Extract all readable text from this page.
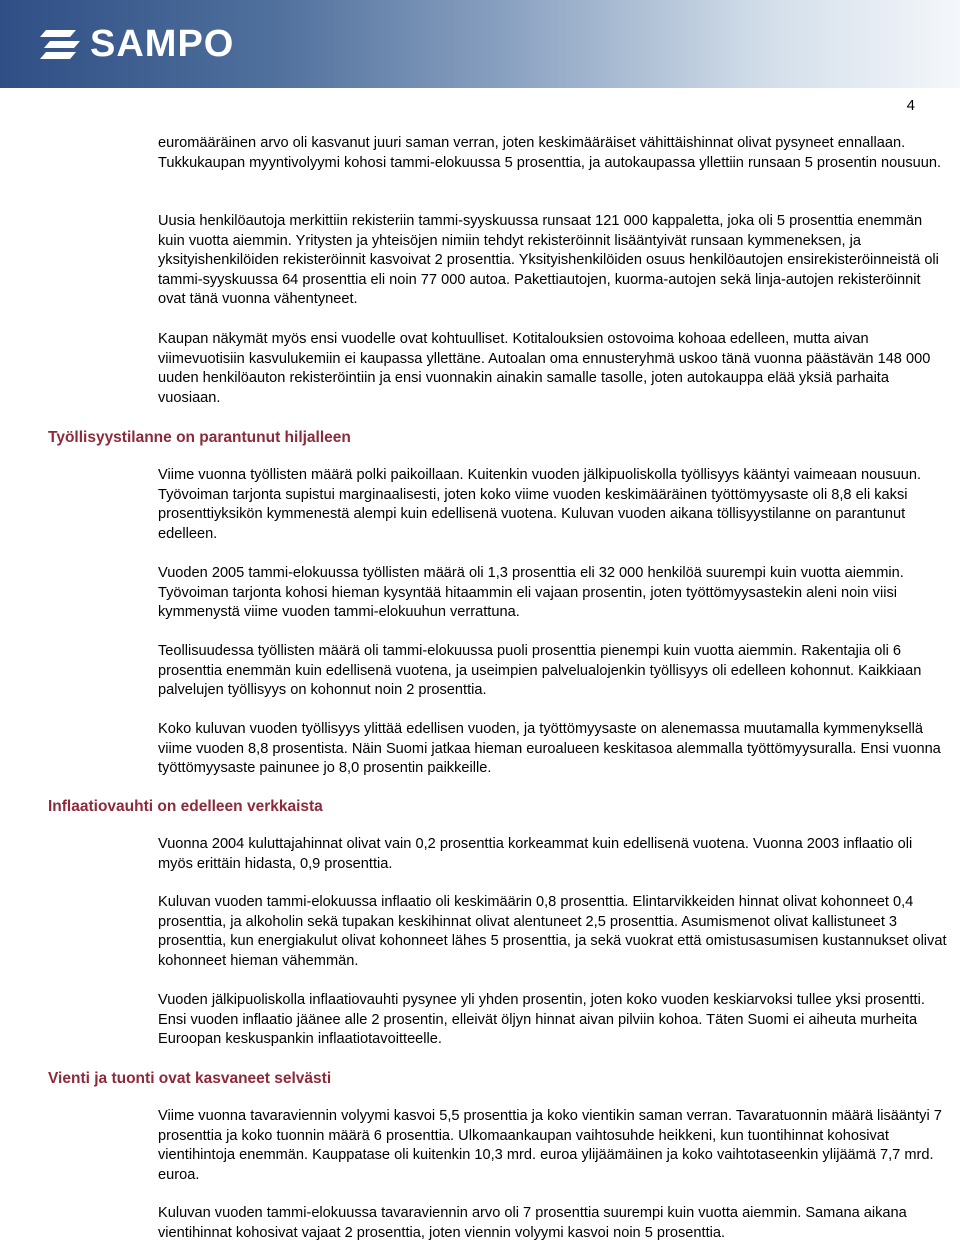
SAMPO
4

euromääräinen arvo oli kasvanut juuri saman verran, joten keskimääräiset vähittäishinnat olivat pysyneet ennallaan. Tukkukaupan myyntivolyymi kohosi tammi-elokuussa 5 prosenttia, ja autokaupassa yllettiin runsaan 5 prosentin nousuun.

Uusia henkilöautoja merkittiin rekisteriin tammi-syyskuussa runsaat 121 000 kappaletta, joka oli 5 prosenttia enemmän kuin vuotta aiemmin. Yritysten ja yhteisöjen nimiin tehdyt rekisteröinnit lisääntyivät runsaan kymmeneksen, ja yksityishenkilöiden rekisteröinnit kasvoivat 2 prosenttia. Yksityishenkilöiden osuus henkilöautojen ensirekisteröinneistä oli tammi-syyskuussa 64 prosenttia eli noin 77 000 autoa. Pakettiautojen, kuorma-autojen sekä linja-autojen rekisteröinnit ovat tänä vuonna vähentyneet.

Kaupan näkymät myös ensi vuodelle ovat kohtuulliset. Kotitalouksien ostovoima kohoaa edelleen, mutta aivan viimevuotisiin kasvulukemiin ei kaupassa yllettäne. Autoalan oma ennusteryhmä uskoo tänä vuonna päästävän 148 000 uuden henkilöauton rekisteröintiin ja ensi vuonnakin ainakin samalle tasolle, joten autokauppa elää yksiä parhaita vuosiaan.

Työllisyystilanne on parantunut hiljalleen

Viime vuonna työllisten määrä polki paikoillaan. Kuitenkin vuoden jälkipuoliskolla työllisyys kääntyi vaimeaan nousuun. Työvoiman tarjonta supistui marginaalisesti, joten koko viime vuoden keskimääräinen työttömyysaste oli 8,8 eli kaksi prosenttiyksikön kymmenestä alempi kuin edellisenä vuotena. Kuluvan vuoden aikana töllisyystilanne on parantunut edelleen.

Vuoden 2005 tammi-elokuussa työllisten määrä oli 1,3 prosenttia eli 32 000 henkilöä suurempi kuin vuotta aiemmin. Työvoiman tarjonta kohosi hieman kysyntää hitaammin eli vajaan prosentin, joten työttömyysastekin aleni noin viisi kymmenystä viime vuoden tammi-elokuuhun verrattuna.

Teollisuudessa työllisten määrä oli tammi-elokuussa puoli prosenttia pienempi kuin vuotta aiemmin. Rakentajia oli 6 prosenttia enemmän kuin edellisenä vuotena, ja useimpien palvelualojenkin työllisyys oli edelleen kohonnut. Kaikkiaan palvelujen työllisyys on kohonnut noin 2 prosenttia.

Koko kuluvan vuoden työllisyys ylittää edellisen vuoden, ja työttömyysaste on alenemassa muutamalla kymmenyksellä viime vuoden 8,8 prosentista. Näin Suomi jatkaa hieman euroalueen keskitasoa alemmalla työttömyysuralla. Ensi vuonna työttömyysaste painunee jo 8,0 prosentin paikkeille.

Inflaatiovauhti on edelleen verkkaista

Vuonna 2004 kuluttajahinnat olivat vain 0,2 prosenttia korkeammat kuin edellisenä vuotena. Vuonna 2003 inflaatio oli myös erittäin hidasta, 0,9 prosenttia.

Kuluvan vuoden tammi-elokuussa inflaatio oli keskimäärin 0,8 prosenttia. Elintarvikkeiden hinnat olivat kohonneet 0,4 prosenttia, ja alkoholin sekä tupakan keskihinnat olivat alentuneet 2,5 prosenttia. Asumismenot olivat kallistuneet 3 prosenttia, kun energiakulut olivat kohonneet lähes 5 prosenttia, ja sekä vuokrat että omistusasumisen kustannukset olivat kohonneet hieman vähemmän.

Vuoden jälkipuoliskolla inflaatiovauhti pysynee yli yhden prosentin, joten koko vuoden keskiarvoksi tullee yksi prosentti. Ensi vuoden inflaatio jäänee alle 2 prosentin, elleivät öljyn hinnat aivan pilviin kohoa. Täten Suomi ei aiheuta murheita Euroopan keskuspankin inflaatiotavoitteelle.

Vienti ja tuonti ovat kasvaneet selvästi

Viime vuonna tavaraviennin volyymi kasvoi 5,5 prosenttia ja koko vientikin saman verran. Tavaratuonnin määrä lisääntyi 7 prosenttia ja koko tuonnin määrä 6 prosenttia. Ulkomaankaupan vaihtosuhde heikkeni, kun tuontihinnat kohosivat vientihintoja enemmän. Kauppatase oli kuitenkin 10,3 mrd. euroa ylijäämäinen ja koko vaihtotaseenkin ylijäämä 7,7 mrd. euroa.

Kuluvan vuoden tammi-elokuussa tavaraviennin arvo oli 7 prosenttia suurempi kuin vuotta aiemmin. Samana aikana vientihinnat kohosivat vajaat 2 prosenttia, joten viennin volyymi kasvoi noin 5 prosenttia.
